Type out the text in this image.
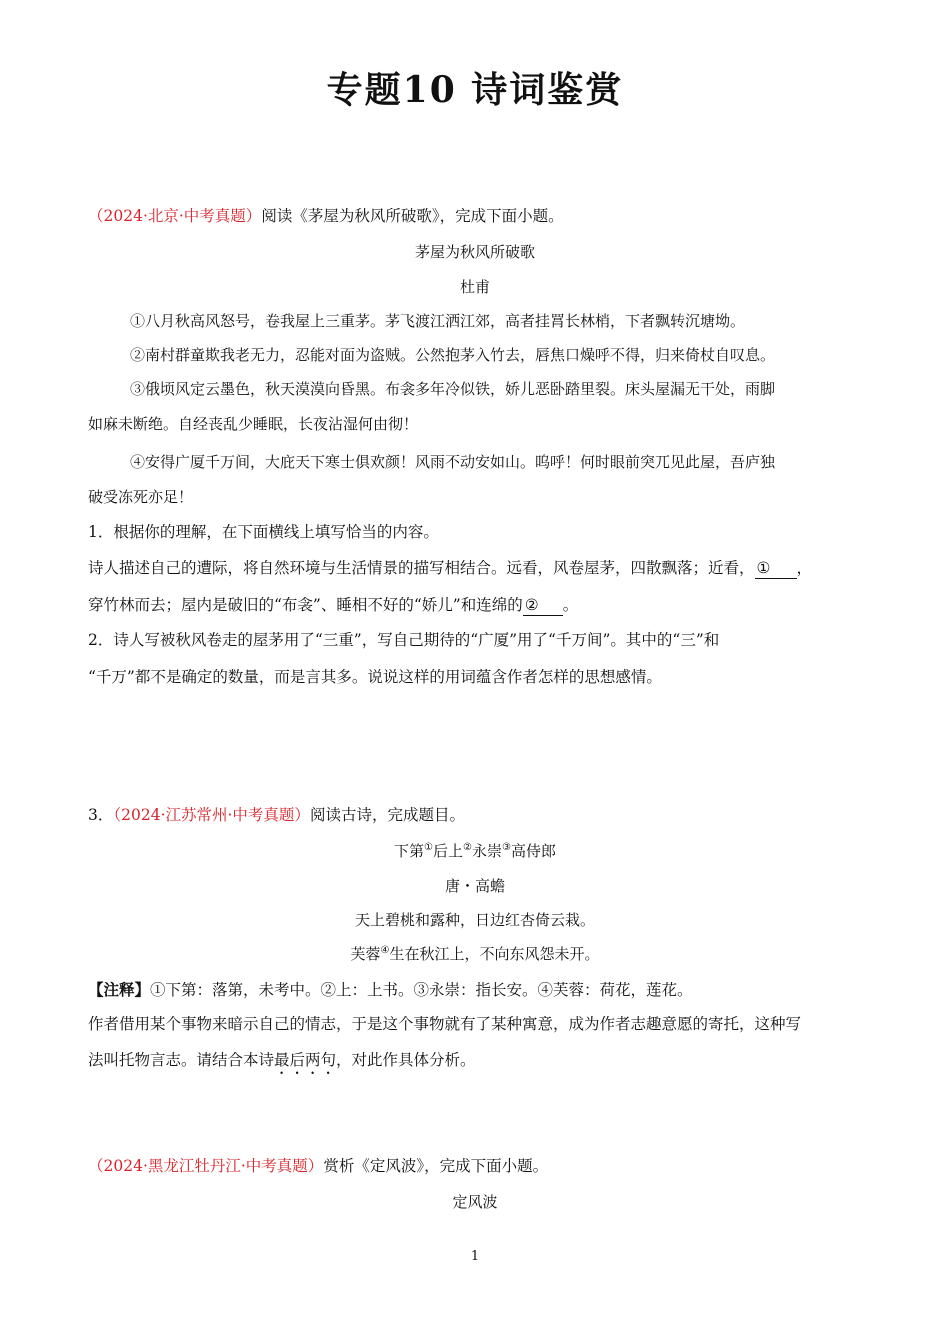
专题10 诗词鉴赏
（2024·北京·中考真题）阅读《茅屋为秋风所破歌》，完成下面小题。
茅屋为秋风所破歌
杜甫
①八月秋高风怒号，卷我屋上三重茅。茅飞渡江洒江郊，高者挂罥长林梢，下者飘转沉塘坳。
②南村群童欺我老无力，忍能对面为盗贼。公然抱茅入竹去，唇焦口燥呼不得，归来倚杖自叹息。
③俄顷风定云墨色，秋天漠漠向昏黑。布衾多年冷似铁，娇儿恶卧踏里裂。床头屋漏无干处，雨脚
如麻未断绝。自经丧乱少睡眠，长夜沾湿何由彻！
④安得广厦千万间，大庇天下寒士俱欢颜！风雨不动安如山。呜呼！何时眼前突兀见此屋，吾庐独
破受冻死亦足！
1．根据你的理解，在下面横线上填写恰当的内容。
诗人描述自己的遭际，将自然环境与生活情景的描写相结合。远看，风卷屋茅，四散飘落；近看， ① ，
穿竹林而去；屋内是破旧的“布衾”、睡相不好的“娇儿”和连绵的 ② 。
2．诗人写被秋风卷走的屋茅用了“三重”，写自己期待的“广厦”用了“千万间”。其中的“三”和
“千万”都不是确定的数量，而是言其多。说说这样的用词蕴含作者怎样的思想感情。
3．（2024·江苏常州·中考真题）阅读古诗，完成题目。
下第①后上②永崇③高侍郎
唐・高蟾
天上碧桃和露种，日边红杏倚云栽。
芙蓉④生在秋江上，不向东风怨未开。
【注释】①下第：落第，未考中。②上：上书。③永崇：指长安。④芙蓉：荷花，莲花。
作者借用某个事物来暗示自己的情志，于是这个事物就有了某种寓意，成为作者志趣意愿的寄托，这种写
法叫托物言志。请结合本诗最后两句，对此作具体分析。
（2024·黑龙江牡丹江·中考真题）赏析《定风波》，完成下面小题。
定风波
1
